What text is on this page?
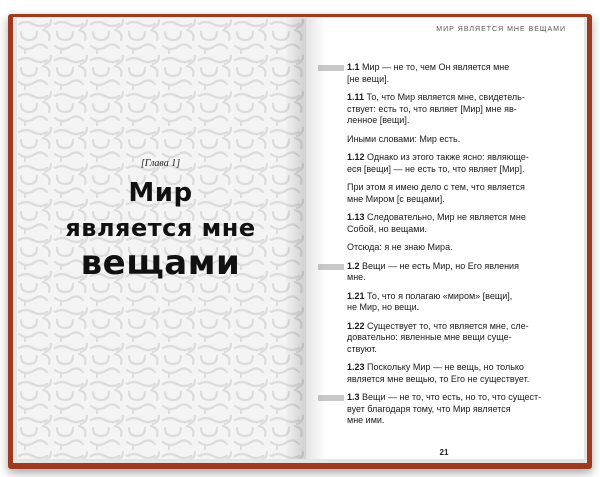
[Глава 1]
Мир
является мне
вещами
МИР ЯВЛЯЕТСЯ МНЕ ВЕЩАМИ
1.1 Мир — не то, чем Он является мне
[не вещи].
1.11 То, что Мир является мне, свидетель-
ствует: есть то, что являет [Мир] мне яв-
ленное [вещи].
Иными словами: Мир есть.
1.12 Однако из этого также ясно: являюще-
еся [вещи] — не есть то, что являет [Мир].
При этом я имею дело с тем, что является
мне Миром [с вещами].
1.13 Следовательно, Мир не является мне
Собой, но вещами.
Отсюда: я не знаю Мира.
1.2 Вещи — не есть Мир, но Его явления
мне.
1.21 То, что я полагаю «миром» [вещи],
не Мир, но вещи.
1.22 Существует то, что является мне, сле-
довательно: явленные мне вещи суще-
ствуют.
1.23 Поскольку Мир — не вещь, но только
является мне вещью, то Его не существует.
1.3 Вещи — не то, что есть, но то, что сущест-
вует благодаря тому, что Мир является
мне ими.
21
